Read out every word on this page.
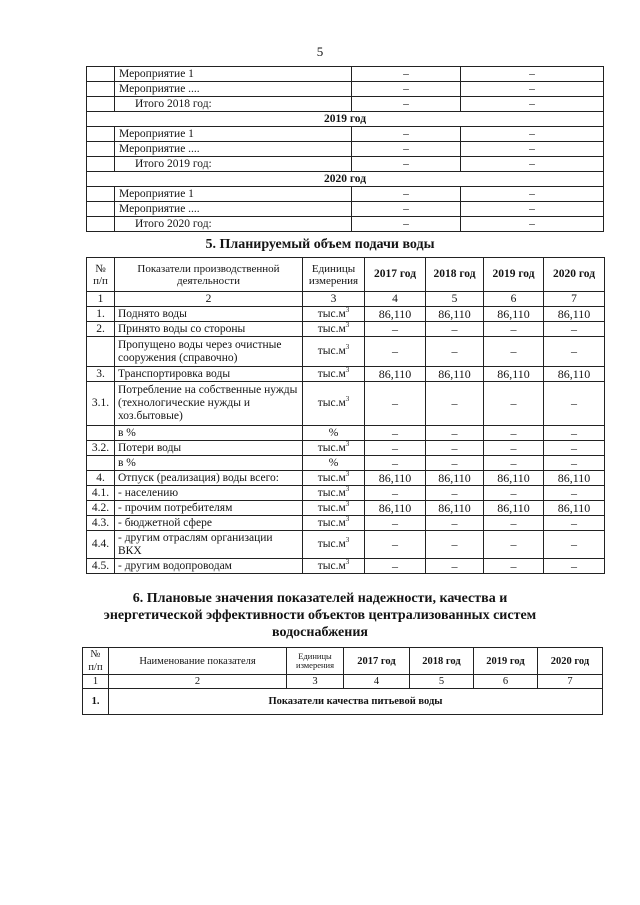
5
	Мероприятие 1	–	–
	Мероприятие ....	–	–
	Итого 2018 год:	–	–
2019 год			
	Мероприятие 1	–	–
	Мероприятие ....	–	–
	Итого 2019 год:	–	–
2020 год			
	Мероприятие 1	–	–
	Мероприятие ....	–	–
	Итого 2020 год:	–	–
5. Планируемый объем подачи воды
№ п/п	Показатели производственной деятельности	Единицы измерения	2017 год	2018 год	2019 год	2020 год
1	2	3	4	5	6	7
1.	Поднято воды	$тыс.м^3$	86,110	86,110	86,110	86,110
2.	Принято воды со стороны	$тыс.м^3$	–	–	–	–
	Пропущено воды через очистные сооружения (справочно)	$тыс.м^3$	–	–	–	–
3.	Транспортировка воды	$тыс.м^3$	86,110	86,110	86,110	86,110
3.1.	Потребление на собственные нужды (технологические нужды и хоз.бытовые)	$тыс.м^3$	–	–	–	–
	в %	%	–	–	–	–
3.2.	Потери воды	$тыс.м^3$	–	–	–	–
	в %	%	–	–	–	–
4.	Отпуск (реализация) воды всего:	$тыс.м^3$	86,110	86,110	86,110	86,110
4.1.	- населению	$тыс.м^3$	–	–	–	–
4.2.	- прочим потребителям	$тыс.м^3$	86,110	86,110	86,110	86,110
4.3.	- бюджетной сфере	$тыс.м^3$	–	–	–	–
4.4.	- другим отраслям организации ВКХ	$тыс.м^3$	–	–	–	–
4.5.	- другим водопроводам	$тыс.м^3$	–	–	–	–
6. Плановые значения показателей надежности, качества и
энергетической эффективности объектов централизованных систем
водоснабжения
№ п/п	Наименование показателя	Единицы измерения	2017 год	2018 год	2019 год	2020 год
1	2	3	4	5	6	7
1.	Показатели качества питьевой воды					
